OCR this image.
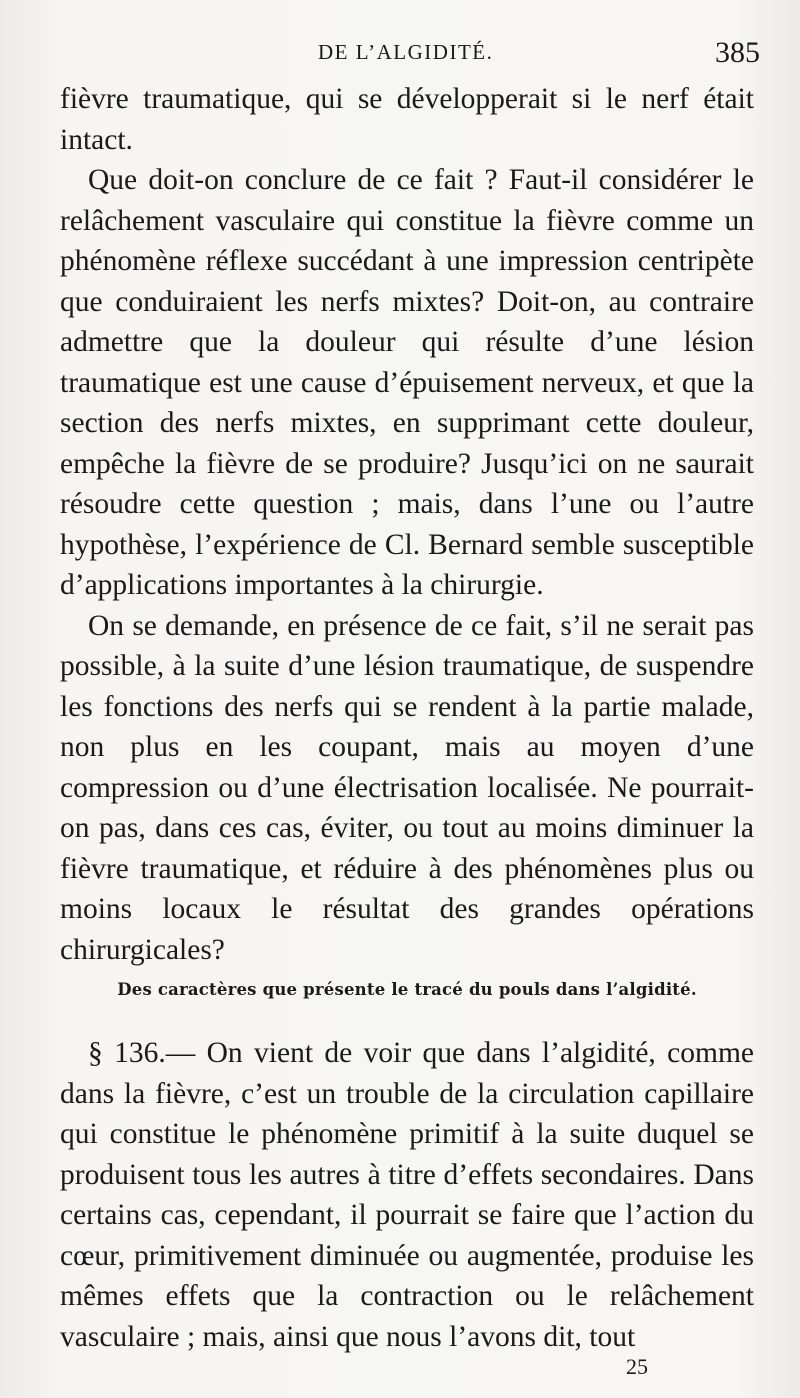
DE L’ALGIDITÉ.	385

fièvre traumatique, qui se développerait si le nerf était intact.

Que doit-on conclure de ce fait ? Faut-il considérer le relâchement vasculaire qui constitue la fièvre comme un phénomène réflexe succédant à une impression centripète que conduiraient les nerfs mixtes? Doit-on, au contraire admettre que la douleur qui résulte d’une lésion traumatique est une cause d’épuisement nerveux, et que la section des nerfs mixtes, en supprimant cette douleur, empêche la fièvre de se produire? Jusqu’ici on ne saurait résoudre cette question ; mais, dans l’une ou l’autre hypothèse, l’expérience de Cl. Bernard semble susceptible d’applications importantes à la chirurgie.

On se demande, en présence de ce fait, s’il ne serait pas possible, à la suite d’une lésion traumatique, de suspendre les fonctions des nerfs qui se rendent à la partie malade, non plus en les coupant, mais au moyen d’une compression ou d’une électrisation localisée. Ne pourrait-on pas, dans ces cas, éviter, ou tout au moins diminuer la fièvre traumatique, et réduire à des phénomènes plus ou moins locaux le résultat des grandes opérations chirurgicales?

Des caractères que présente le tracé du pouls dans l’algidité.

§ 136.— On vient de voir que dans l’algidité, comme dans la fièvre, c’est un trouble de la circulation capillaire qui constitue le phénomène primitif à la suite duquel se produisent tous les autres à titre d’effets secondaires. Dans certains cas, cependant, il pourrait se faire que l’action du cœur, primitivement diminuée ou augmentée, produise les mêmes effets que la contraction ou le relâchement vasculaire ; mais, ainsi que nous l’avons dit, tout

25
